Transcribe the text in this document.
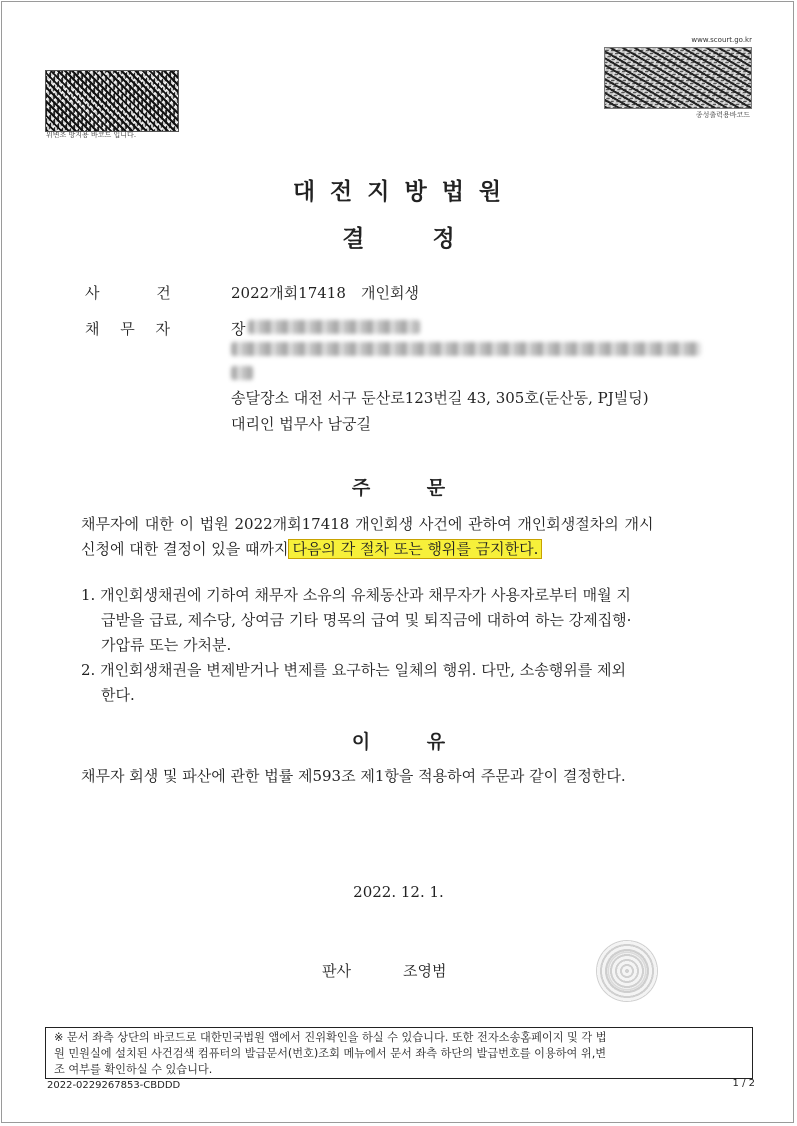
위변조 방지용 바코드 입니다.
www.scourt.go.kr
종성출력용바코드
대전지방법원
결 정
사 건	2022개회17418 개인회생
채 무 자	장
송달장소 대전 서구 둔산로123번길 43, 305호(둔산동, PJ빌딩)
대리인 법무사 남궁길
주 문
채무자에 대한 이 법원 2022개회17418 개인회생 사건에 관하여 개인회생절차의 개시
신청에 대한 결정이 있을 때까지 다음의 각 절차 또는 행위를 금지한다.
1. 개인회생채권에 기하여 채무자 소유의 유체동산과 채무자가 사용자로부터 매월 지
급받을 급료, 제수당, 상여금 기타 명목의 급여 및 퇴직금에 대하여 하는 강제집행·
가압류 또는 가처분.
2. 개인회생채권을 변제받거나 변제를 요구하는 일체의 행위. 다만, 소송행위를 제외
한다.
이 유
채무자 회생 및 파산에 관한 법률 제593조 제1항을 적용하여 주문과 같이 결정한다.
2022. 12. 1.
판사	조영범
※ 문서 좌측 상단의 바코드로 대한민국법원 앱에서 진위확인을 하실 수 있습니다. 또한 전자소송홈페이지 및 각 법
원 민원실에 설치된 사건검색 컴퓨터의 발급문서(번호)조회 메뉴에서 문서 좌측 하단의 발급번호를 이용하여 위,변
조 여부를 확인하실 수 있습니다.
2022-0229267853-CBDDD	1 / 2
